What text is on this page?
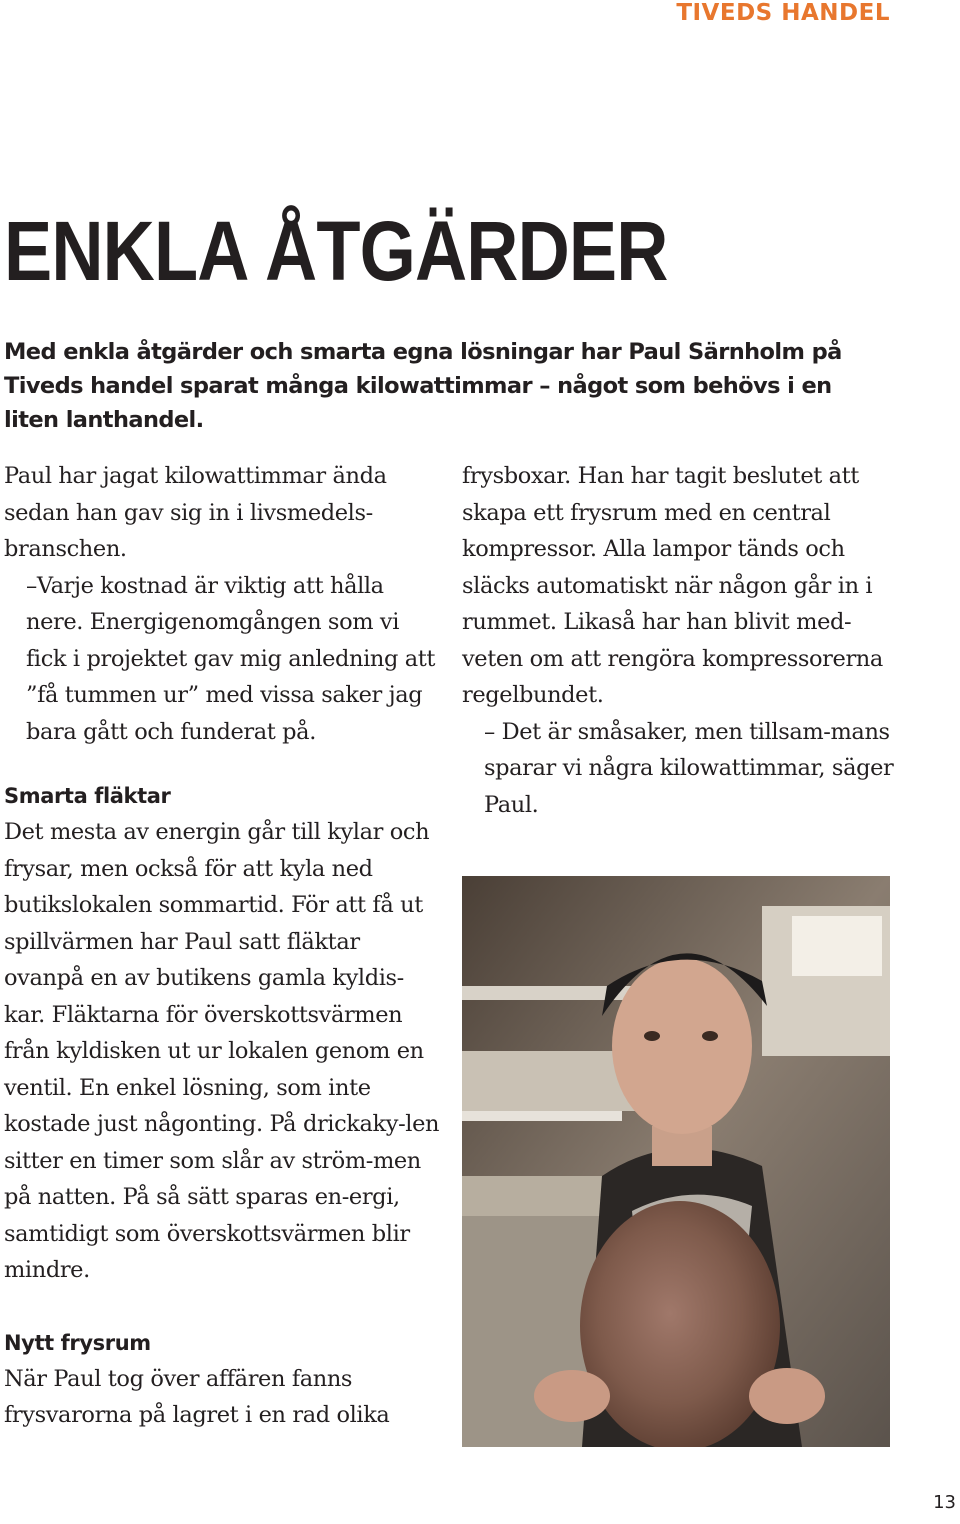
TIVEDS HANDEL
ENKLA ÅTGÄRDER

Med enkla åtgärder och smarta egna lösningar har Paul Särnholm på Tiveds handel sparat många kilowattimmar – något som behövs i en liten lanthandel.

Paul har jagat kilowattimmar ända sedan han gav sig in i livsmedels-branschen.

–Varje kostnad är viktig att hålla nere. Energigenomgången som vi fick i projektet gav mig anledning att ”få tummen ur” med vissa saker jag bara gått och funderat på.

Smarta fläktar

Det mesta av energin går till kylar och frysar, men också för att kyla ned butikslokalen sommartid. För att få ut spillvärmen har Paul satt fläktar ovanpå en av butikens gamla kyldis-kar. Fläktarna för överskottsvärmen från kyldisken ut ur lokalen genom en ventil. En enkel lösning, som inte kostade just någonting. På drickaky-len sitter en timer som slår av ström-men på natten. På så sätt sparas en-ergi, samtidigt som överskottsvärmen blir mindre.

Nytt frysrum

När Paul tog över affären fanns frysvarorna på lagret i en rad olika

frysboxar. Han har tagit beslutet att skapa ett frysrum med en central kompressor. Alla lampor tänds och släcks automatiskt när någon går in i rummet. Likaså har han blivit med-veten om att rengöra kompressorerna regelbundet.

– Det är småsaker, men tillsam-mans sparar vi några kilowattimmar, säger Paul.

13
